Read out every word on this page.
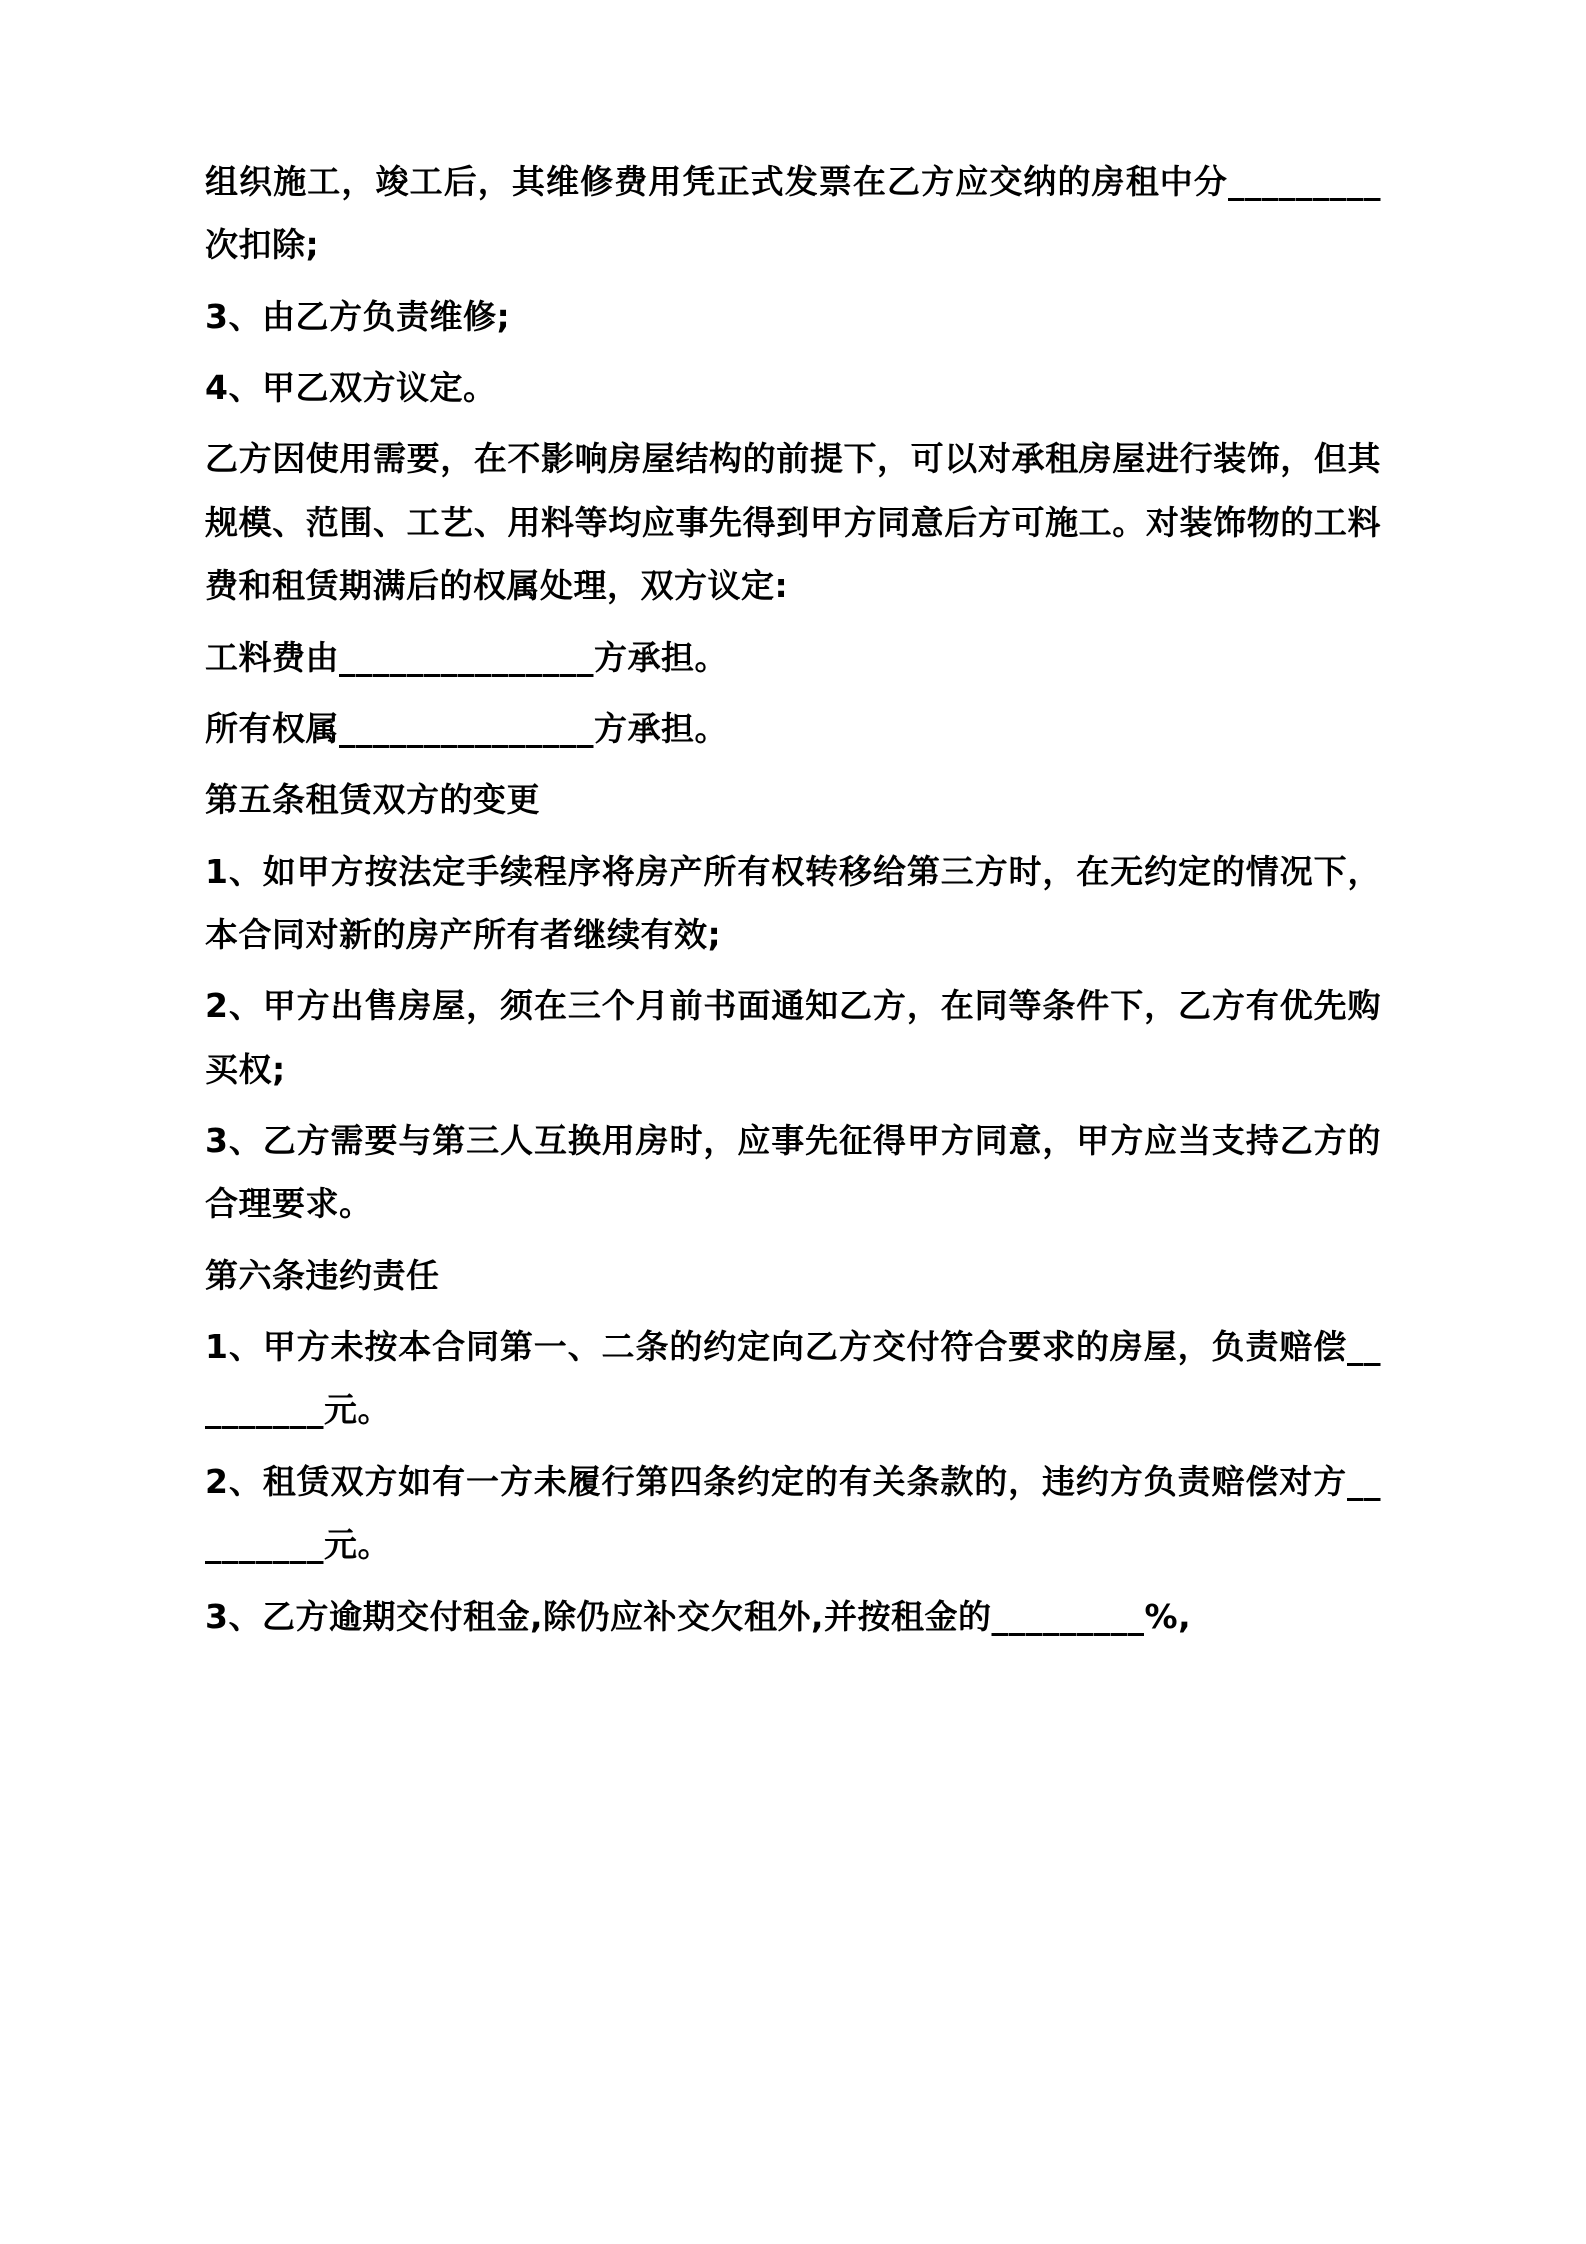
组织施工，竣工后，其维修费用凭正式发票在乙方应交纳的房租中分_________次扣除;

3、由乙方负责维修;

4、甲乙双方议定。

乙方因使用需要，在不影响房屋结构的前提下，可以对承租房屋进行装饰，但其规模、范围、工艺、用料等均应事先得到甲方同意后方可施工。对装饰物的工料费和租赁期满后的权属处理，双方议定:

工料费由_______________方承担。

所有权属_______________方承担。

第五条租赁双方的变更

1、如甲方按法定手续程序将房产所有权转移给第三方时，在无约定的情况下，本合同对新的房产所有者继续有效;

2、甲方出售房屋，须在三个月前书面通知乙方，在同等条件下，乙方有优先购买权;

3、乙方需要与第三人互换用房时，应事先征得甲方同意，甲方应当支持乙方的合理要求。

第六条违约责任

1、甲方未按本合同第一、二条的约定向乙方交付符合要求的房屋，负责赔偿_________元。

2、租赁双方如有一方未履行第四条约定的有关条款的，违约方负责赔偿对方_________元。

3、乙方逾期交付租金,除仍应补交欠租外,并按租金的_________%,
